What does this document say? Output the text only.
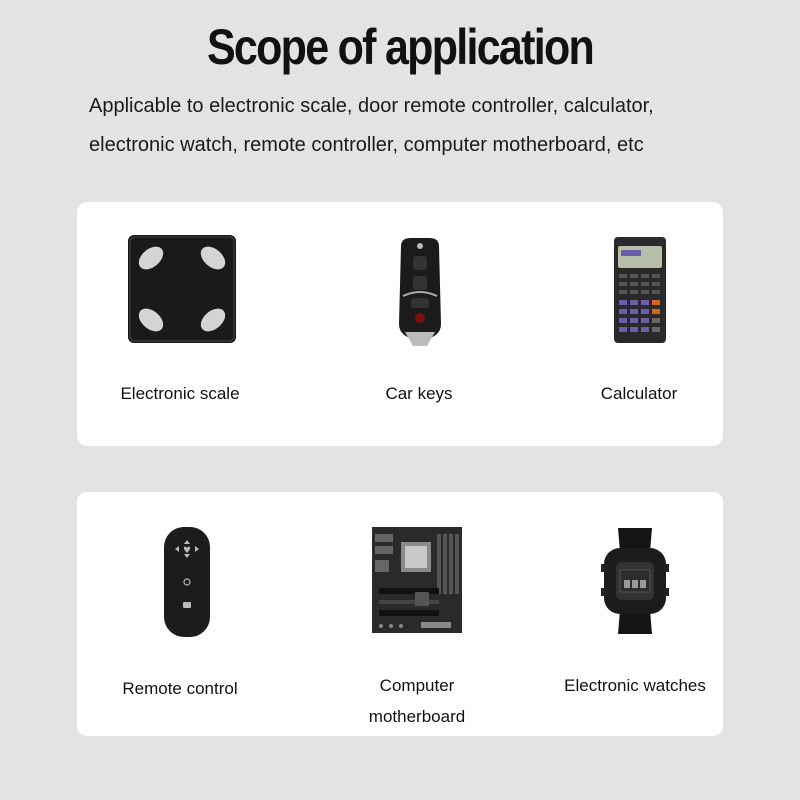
Scope of application
Applicable to electronic scale, door remote controller, calculator,
electronic watch, remote controller, computer motherboard, etc
Electronic scale	Car keys	Calculator
Remote control	Computer
motherboard
Electronic watches
